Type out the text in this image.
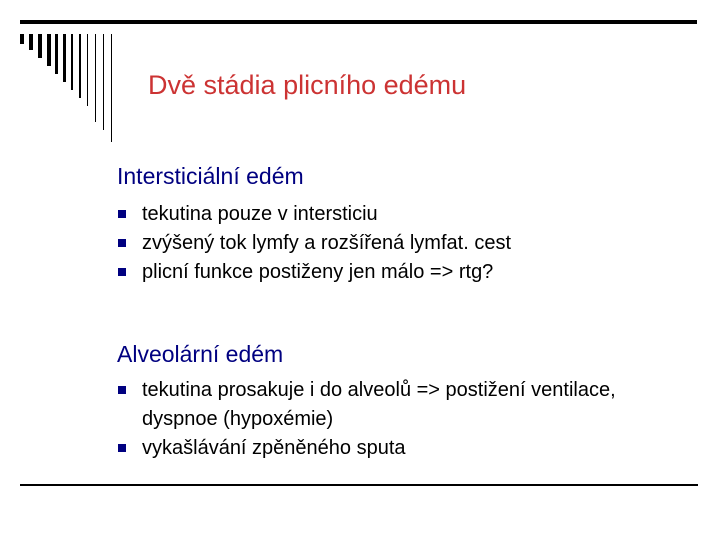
Dvě stádia plicního edému
Intersticiální edém
tekutina pouze v intersticiu
zvýšený tok lymfy a rozšířená lymfat. cest
plicní funkce postiženy jen málo => rtg?
Alveolární edém
tekutina prosakuje i do alveolů => postižení ventilace, dyspnoe (hypoxémie)
vykašlávání zpěněného sputa
